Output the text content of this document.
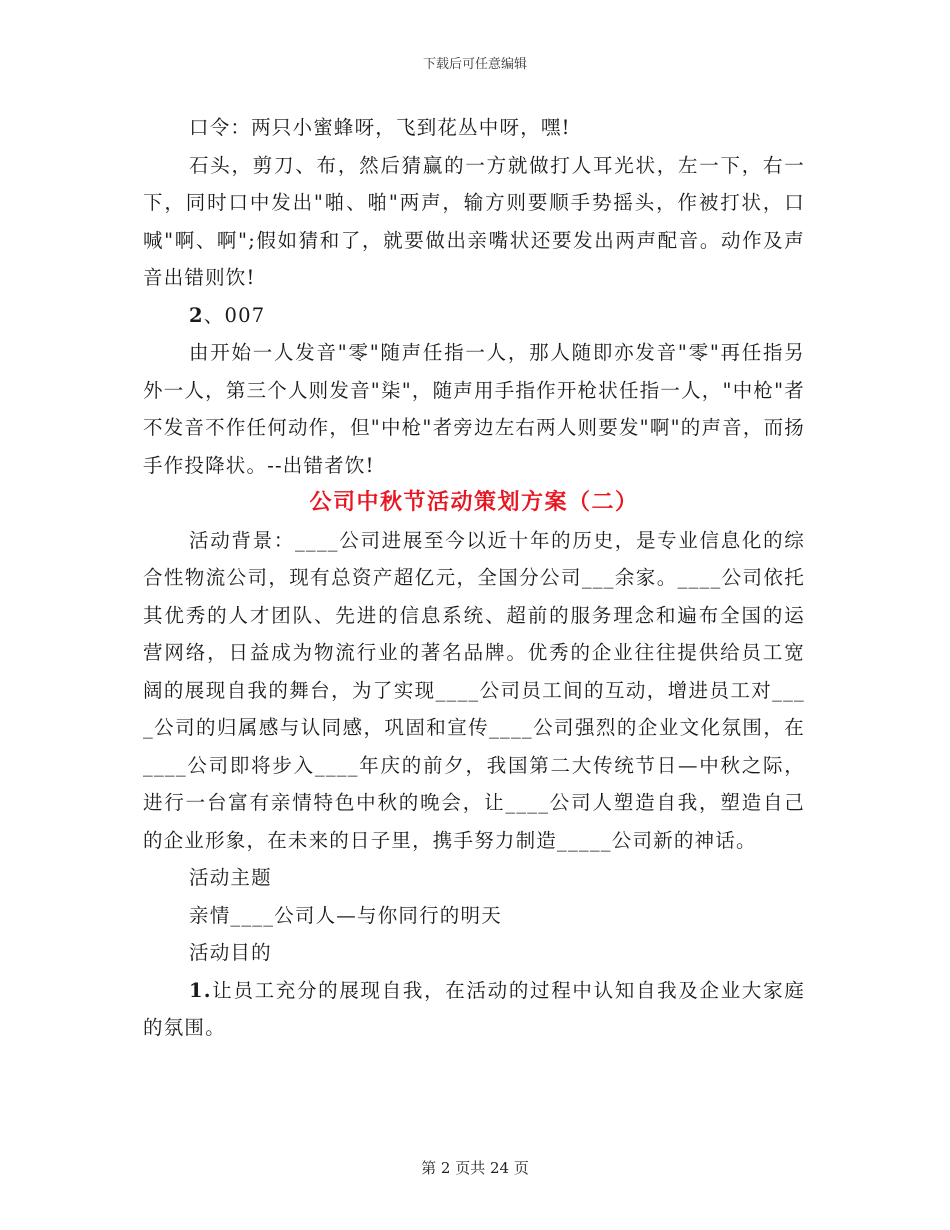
下载后可任意编辑

口令：两只小蜜蜂呀，飞到花丛中呀，嘿!

石头，剪刀、布，然后猜赢的一方就做打人耳光状，左一下，右一下，同时口中发出"啪、啪"两声，输方则要顺手势摇头，作被打状，口喊"啊、啊";假如猜和了，就要做出亲嘴状还要发出两声配音。动作及声音出错则饮!

2、007

由开始一人发音"零"随声任指一人，那人随即亦发音"零"再任指另外一人，第三个人则发音"柒"，随声用手指作开枪状任指一人，"中枪"者不发音不作任何动作，但"中枪"者旁边左右两人则要发"啊"的声音，而扬手作投降状。--出错者饮!

公司中秋节活动策划方案（二）

活动背景：____公司进展至今以近十年的历史，是专业信息化的综合性物流公司，现有总资产超亿元，全国分公司___余家。____公司依托其优秀的人才团队、先进的信息系统、超前的服务理念和遍布全国的运营网络，日益成为物流行业的著名品牌。优秀的企业往往提供给员工宽阔的展现自我的舞台，为了实现____公司员工间的互动，增进员工对____公司的归属感与认同感，巩固和宣传____公司强烈的企业文化氛围，在____公司即将步入____年庆的前夕，我国第二大传统节日—中秋之际，进行一台富有亲情特色中秋的晚会，让____公司人塑造自我，塑造自己的企业形象，在未来的日子里，携手努力制造_____公司新的神话。

活动主题

亲情____公司人—与你同行的明天

活动目的

1.让员工充分的展现自我，在活动的过程中认知自我及企业大家庭的氛围。

第 2 页共 24 页
